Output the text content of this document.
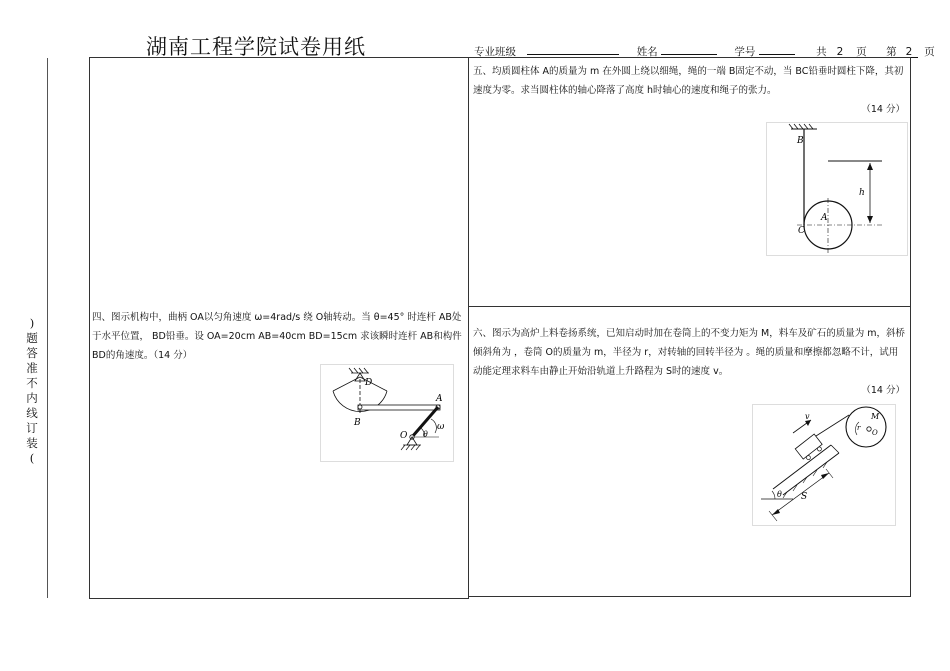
湖南工程学院试卷用纸	专业班级	姓名	学号	共 2 页 第 2 页
)题答准不内线订装(
五、均质圆柱体 A的质量为 m 在外圆上绕以细绳，绳的一端 B固定不动，当 BC铅垂时圆柱下降，其初速度为零。求当圆柱体的轴心降落了高度 h时轴心的速度和绳子的张力。
（14 分）
B
A
C
h
四、图示机构中，曲柄 OA以匀角速度 ω=4rad/s 绕 O轴转动。当 θ=45° 时连杆 AB处于水平位置， BD铅垂。设 OA=20cm AB=40cm BD=15cm 求该瞬时连杆 AB和构件 BD的角速度。（14 分）
D
A
B
O θ
ω
六、图示为高炉上料卷扬系统，已知启动时加在卷筒上的不变力矩为 M，料车及矿石的质量为 m，斜桥倾斜角为 ，卷筒 O的质量为 m，半径为 r，对转轴的回转半径为 。绳的质量和摩擦都忽略不计，试用动能定理求料车由静止开始沿轨道上升路程为 S时的速度 v。
（14 分）
v	M
r
O
θ S
